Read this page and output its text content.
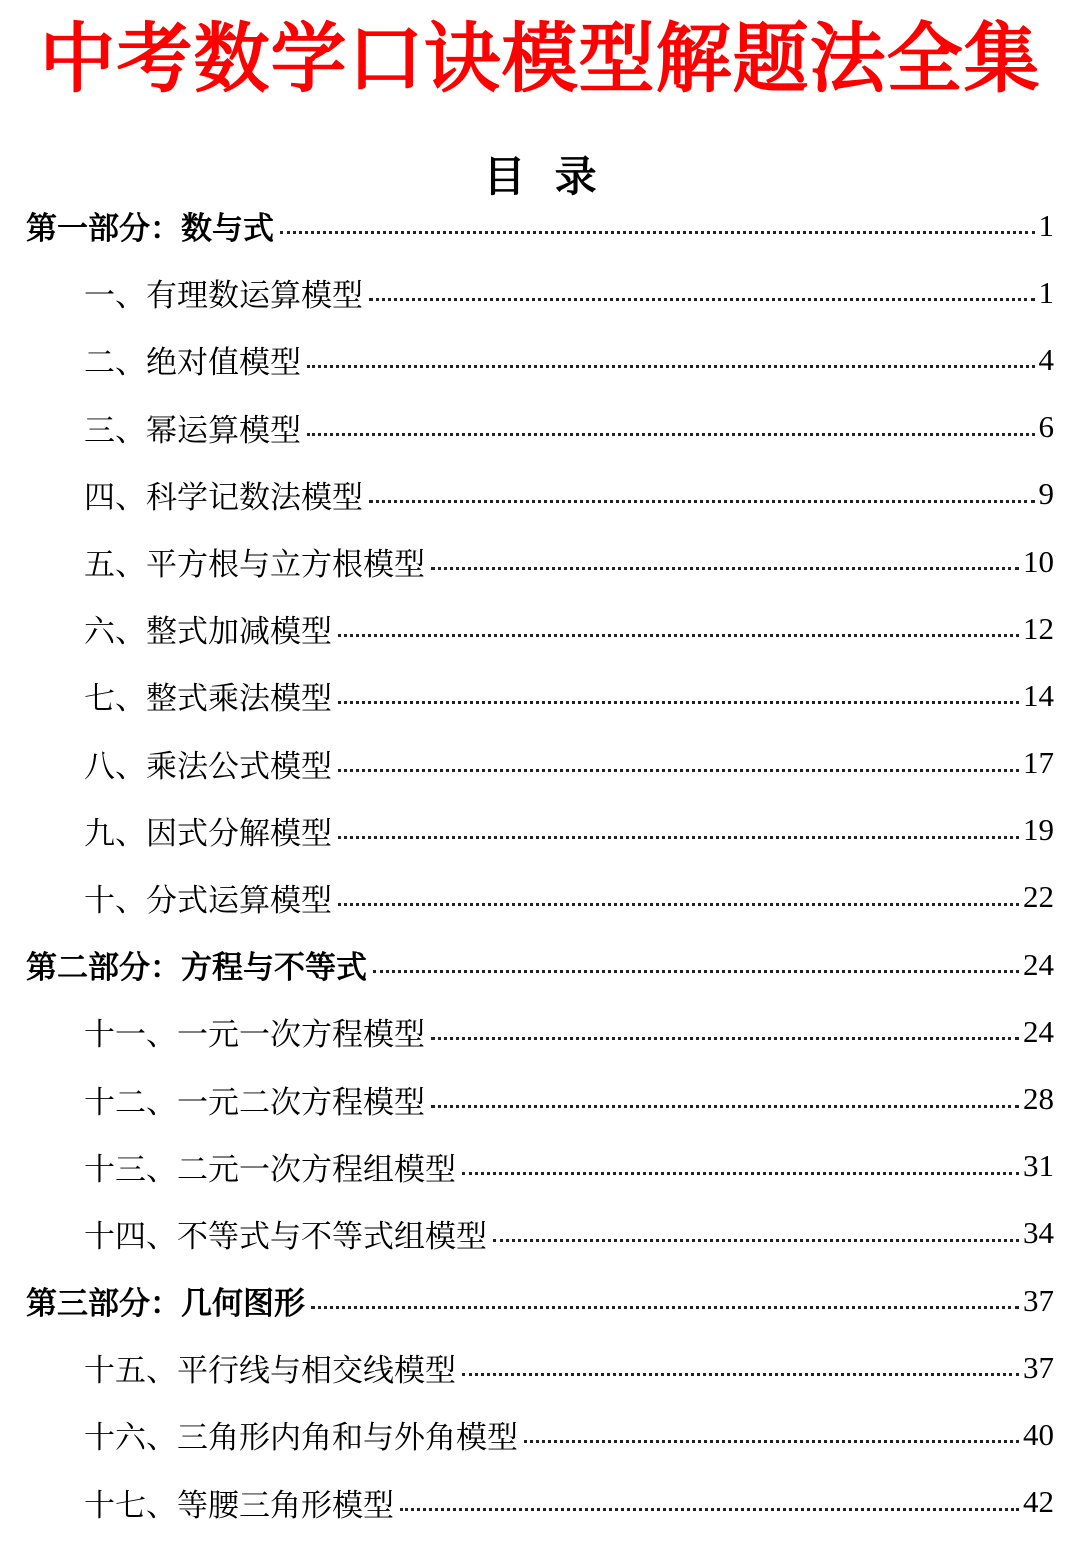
中考数学口诀模型解题法全集
目  录
第一部分：数与式	1
一、有理数运算模型	1
二、绝对值模型	4
三、幂运算模型	6
四、科学记数法模型	9
五、平方根与立方根模型	10
六、整式加减模型	12
七、整式乘法模型	14
八、乘法公式模型	17
九、因式分解模型	19
十、分式运算模型	22
第二部分：方程与不等式	24
十一、一元一次方程模型	24
十二、一元二次方程模型	28
十三、二元一次方程组模型	31
十四、不等式与不等式组模型	34
第三部分：几何图形	37
十五、平行线与相交线模型	37
十六、三角形内角和与外角模型	40
十七、等腰三角形模型	42
